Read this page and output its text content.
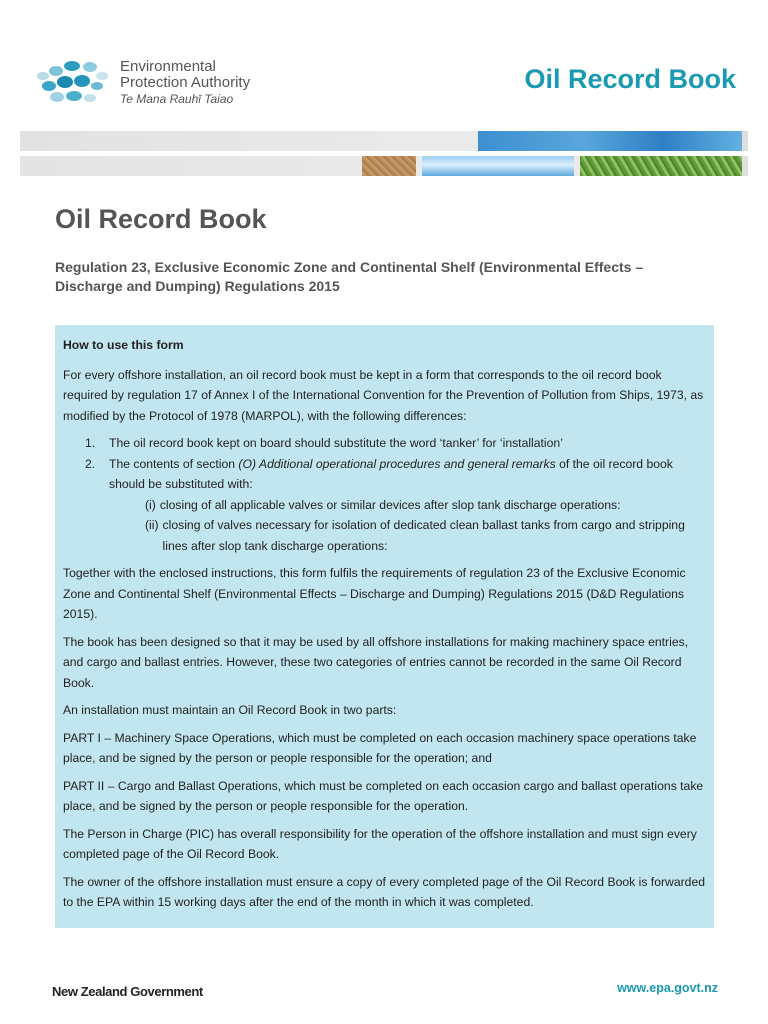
Environmental
Protection Authority
Te Mana Rauhī Taiao
Oil Record Book
Oil Record Book
Regulation 23, Exclusive Economic Zone and Continental Shelf (Environmental Effects – Discharge and Dumping) Regulations 2015

How to use this form

For every offshore installation, an oil record book must be kept in a form that corresponds to the oil record book required by regulation 17 of Annex I of the International Convention for the Prevention of Pollution from Ships, 1973, as modified by the Protocol of 1978 (MARPOL), with the following differences:

1.	The oil record book kept on board should substitute the word ‘tanker’ for ‘installation’
2.	The contents of section (O) Additional operational procedures and general remarks of the oil record book should be substituted with:
(i) closing of all applicable valves or similar devices after slop tank discharge operations:
(ii) closing of valves necessary for isolation of dedicated clean ballast tanks from cargo and stripping lines after slop tank discharge operations:

Together with the enclosed instructions, this form fulfils the requirements of regulation 23 of the Exclusive Economic Zone and Continental Shelf (Environmental Effects – Discharge and Dumping) Regulations 2015 (D&D Regulations 2015).

The book has been designed so that it may be used by all offshore installations for making machinery space entries, and cargo and ballast entries. However, these two categories of entries cannot be recorded in the same Oil Record Book.

An installation must maintain an Oil Record Book in two parts:

PART I – Machinery Space Operations, which must be completed on each occasion machinery space operations take place, and be signed by the person or people responsible for the operation; and

PART II – Cargo and Ballast Operations, which must be completed on each occasion cargo and ballast operations take place, and be signed by the person or people responsible for the operation.

The Person in Charge (PIC) has overall responsibility for the operation of the offshore installation and must sign every completed page of the Oil Record Book.

The owner of the offshore installation must ensure a copy of every completed page of the Oil Record Book is forwarded to the EPA within 15 working days after the end of the month in which it was completed.

New Zealand Government	www.epa.govt.nz
